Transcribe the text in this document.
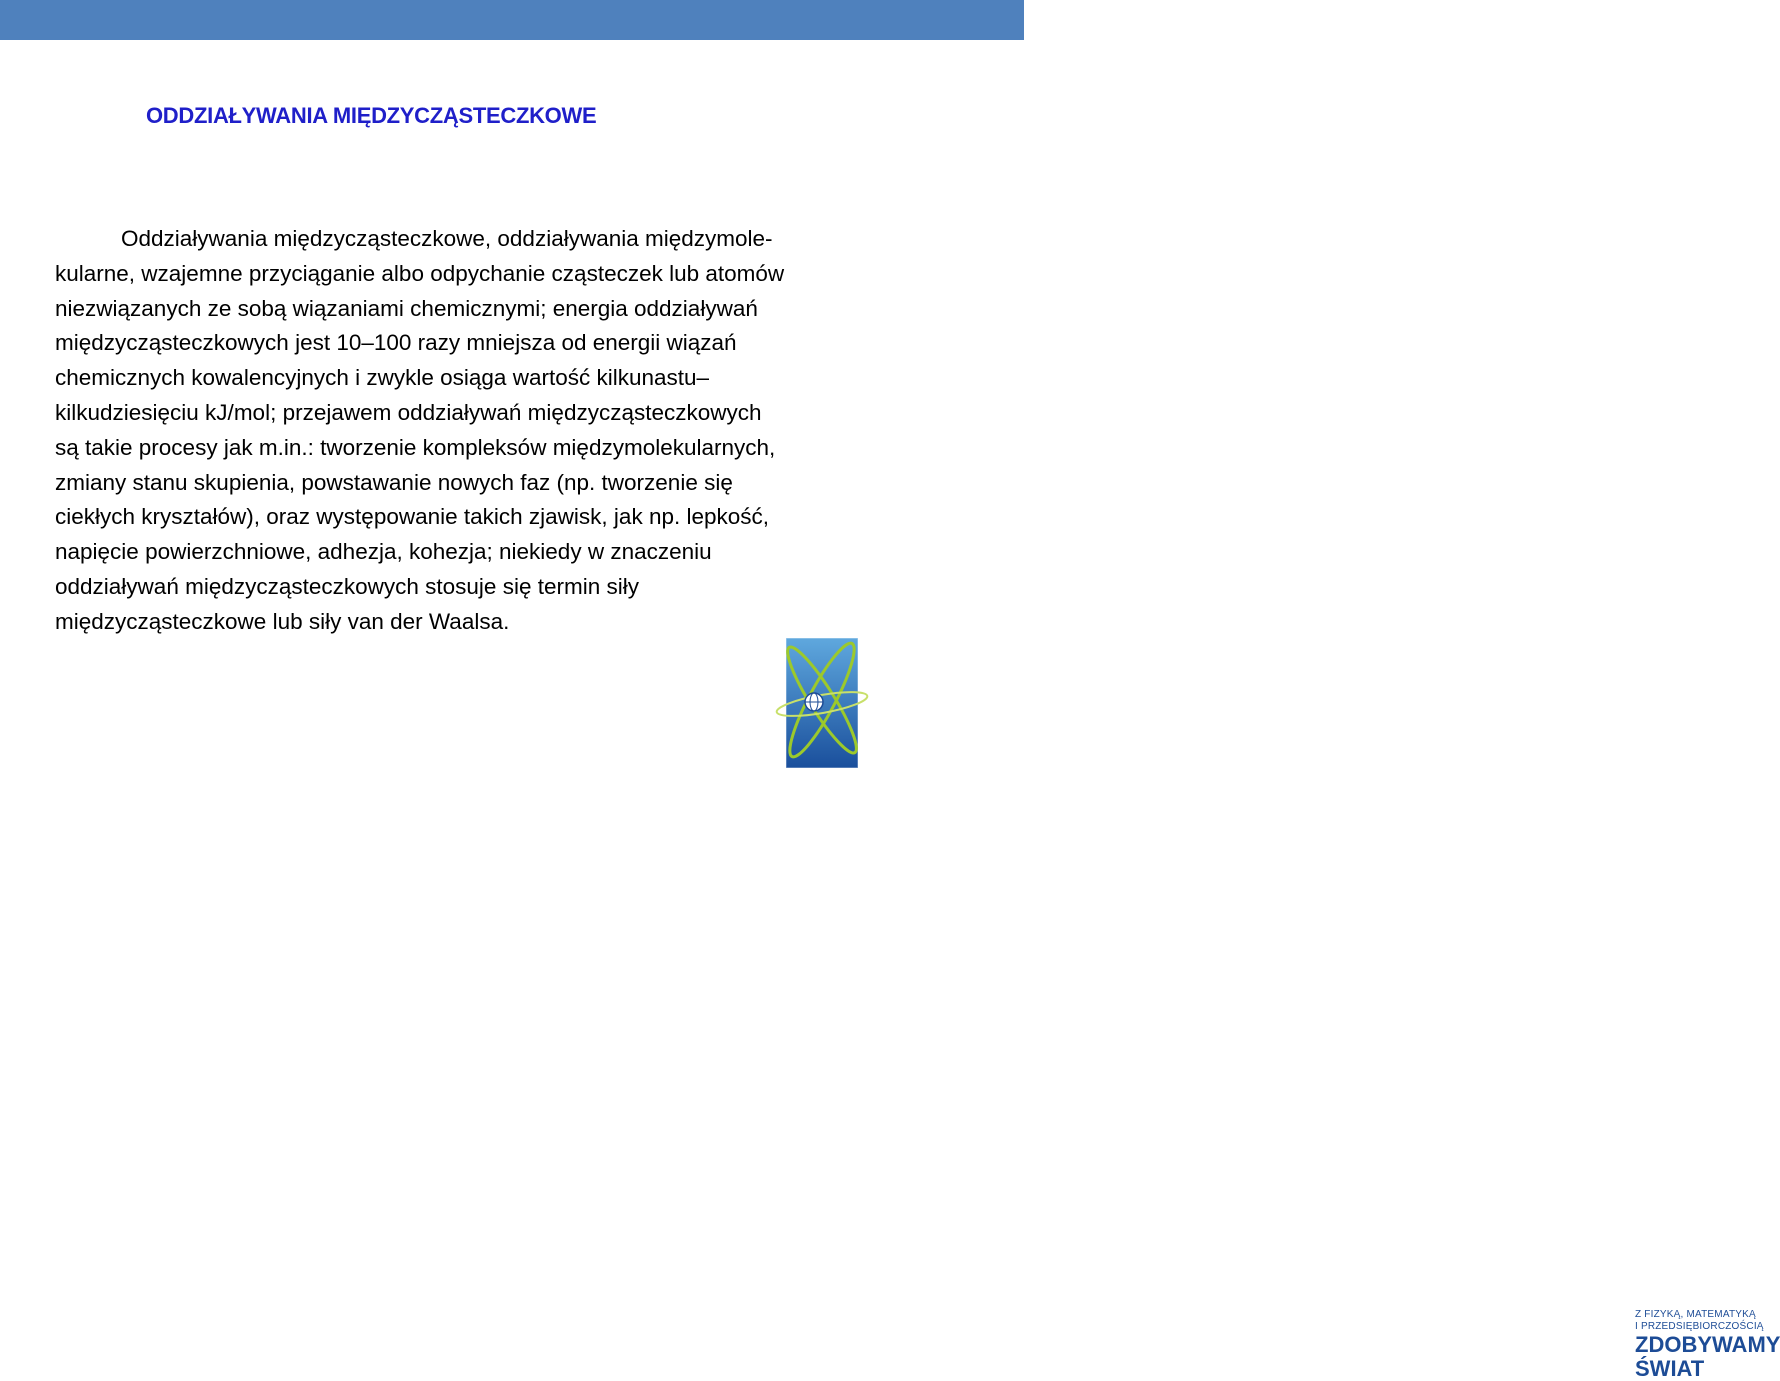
ODDZIAŁYWANIA MIĘDZYCZĄSTECZKOWE
Oddziaływania międzycząsteczkowe, oddziaływania międzymole-
kularne, wzajemne przyciąganie albo odpychanie cząsteczek lub atomów
niezwiązanych ze sobą wiązaniami chemicznymi; energia oddziaływań
międzycząsteczkowych jest 10–100 razy mniejsza od energii wiązań
chemicznych kowalencyjnych i zwykle osiąga wartość kilkunastu–
kilkudziesięciu kJ/mol; przejawem oddziaływań międzycząsteczkowych
są takie procesy jak m.in.: tworzenie kompleksów międzymolekularnych,
zmiany stanu skupienia, powstawanie nowych faz (np. tworzenie się
ciekłych kryształów), oraz występowanie takich zjawisk, jak np. lepkość,
napięcie powierzchniowe, adhezja, kohezja; niekiedy w znaczeniu
oddziaływań międzycząsteczkowych stosuje się termin siły
międzycząsteczkowe lub siły van der Waalsa.
Z FIZYKĄ, MATEMATYKĄ
I PRZEDSIĘBIORCZOŚCIĄ
ZDOBYWAMY
ŚWIAT
